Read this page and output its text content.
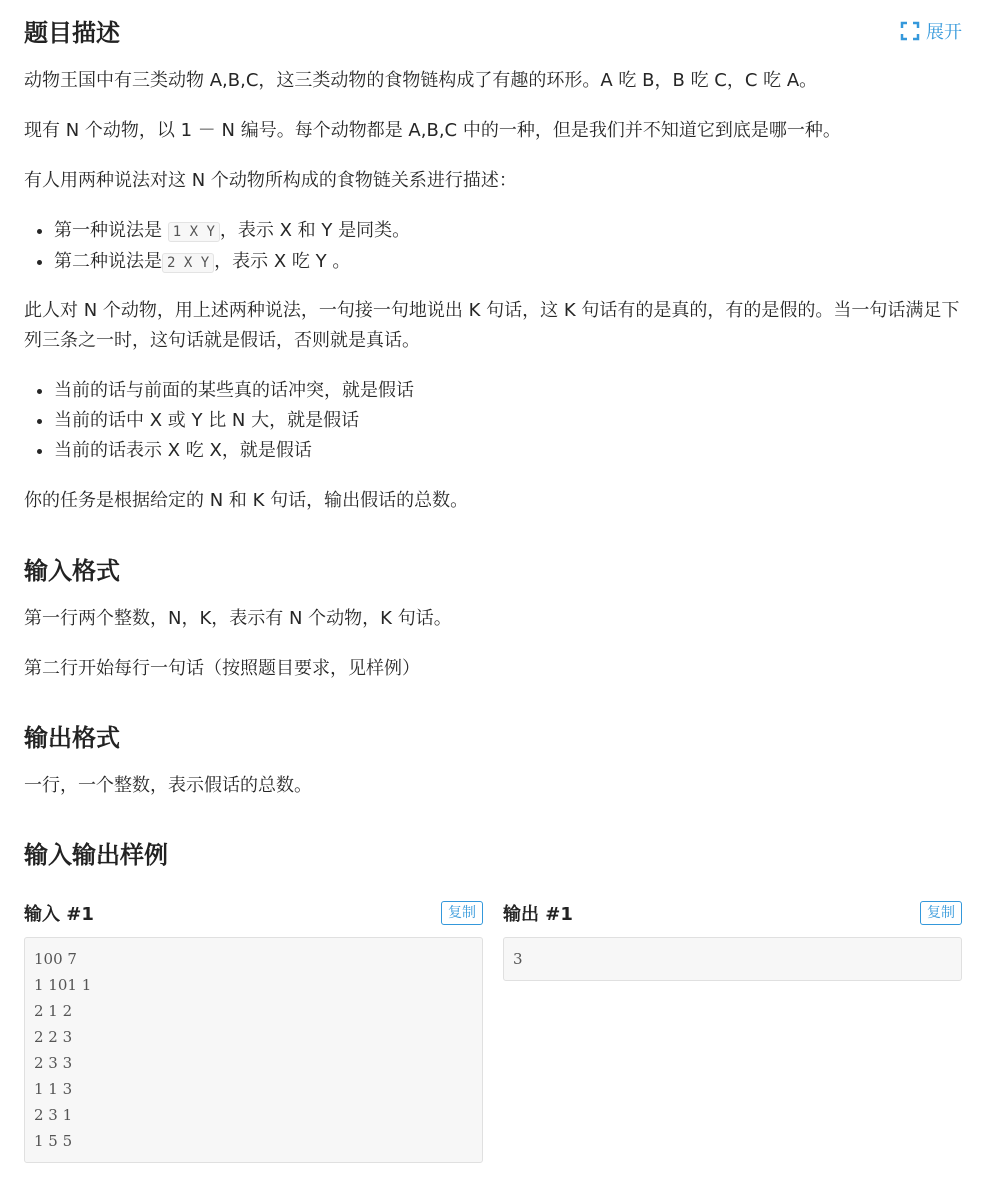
展开
题目描述

动物王国中有三类动物 A,B,C，这三类动物的食物链构成了有趣的环形。A 吃 B，B 吃 C，C 吃 A。

现有 N 个动物，以 1 － N 编号。每个动物都是 A,B,C 中的一种，但是我们并不知道它到底是哪一种。

有人用两种说法对这 N 个动物所构成的食物链关系进行描述：

• 第一种说法是 1 X Y ，表示 X 和 Y 是同类。
• 第二种说法是 2 X Y ，表示 X 吃 Y 。

此人对 N 个动物，用上述两种说法，一句接一句地说出 K 句话，这 K 句话有的是真的，有的是假的。当一句话满足下列三条之一时，这句话就是假话，否则就是真话。

• 当前的话与前面的某些真的话冲突，就是假话
• 当前的话中 X 或 Y 比 N 大，就是假话
• 当前的话表示 X 吃 X，就是假话

你的任务是根据给定的 N 和 K 句话，输出假话的总数。

输入格式

第一行两个整数，N，K，表示有 N 个动物，K 句话。

第二行开始每行一句话（按照题目要求，见样例）

输出格式

一行，一个整数，表示假话的总数。

输入输出样例
输入 #1	复制
100 7
1 101 1
2 1 2
2 2 3
2 3 3
1 1 3
2 3 1
1 5 5
输出 #1	复制
3
